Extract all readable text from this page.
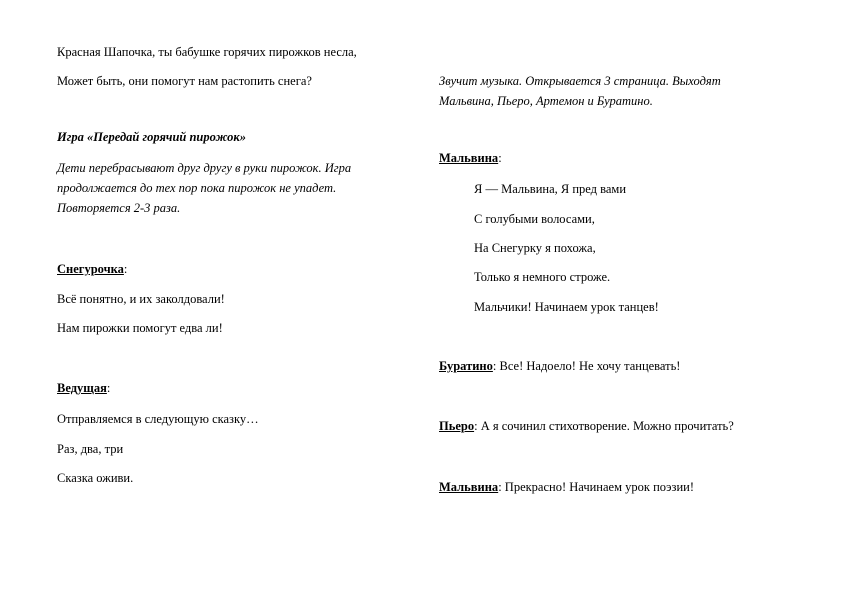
Красная Шапочка, ты бабушке горячих пирожков несла,
Может быть, они помогут нам растопить снега?
Игра «Передай горячий пирожок»
Дети перебрасывают друг другу в руки пирожок. Игра
продолжается до тех пор пока пирожок не упадет.
Повторяется 2-3 раза.
Снегурочка:
Всё понятно, и их заколдовали!
Нам пирожки помогут едва ли!
Ведущая:
Отправляемся в следующую сказку…
Раз, два, три
Сказка оживи.
Звучит музыка. Открывается 3 страница. Выходят
Мальвина, Пьеро, Артемон и Буратино.
Мальвина:
Я — Мальвина, Я пред вами
С голубыми волосами,
На Снегурку я похожа,
Только я немного строже.
Мальчики! Начинаем урок танцев!
Буратино: Все! Надоело! Не хочу танцевать!
Пьеро: А я сочинил стихотворение. Можно прочитать?
Мальвина: Прекрасно! Начинаем урок поэзии!
